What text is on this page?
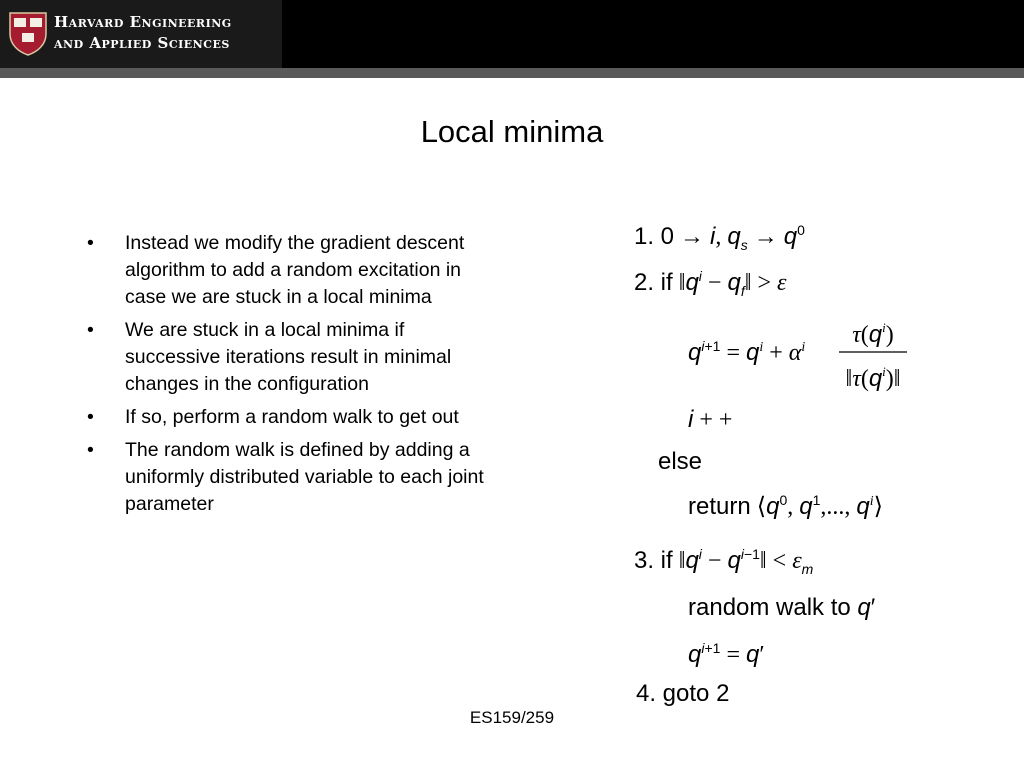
Harvard Engineering
and Applied Sciences
Local minima
• Instead we modify the gradient descent algorithm to add a random excitation in case we are stuck in a local minima
• We are stuck in a local minima if successive iterations result in minimal changes in the configuration
• If so, perform a random walk to get out
• The random walk is defined by adding a uniformly distributed variable to each joint parameter
1. 0 → i, $q_s \to q^0$
2. if $‖q^i$ − $q_f‖ > \varepsilon$
$q^{i+1} = q^i + \alpha^i$ $\tau(q^i)$
$‖\tau(q^i)‖$
i + +
else
return $⟨q^0$, $q^1$,..., $q^i⟩$
3. if $‖q^i$ − $q^{i-1}‖ < \varepsilon_m$
random walk to q′
$q^{i+1} = q'$
4. goto 2
ES159/259
